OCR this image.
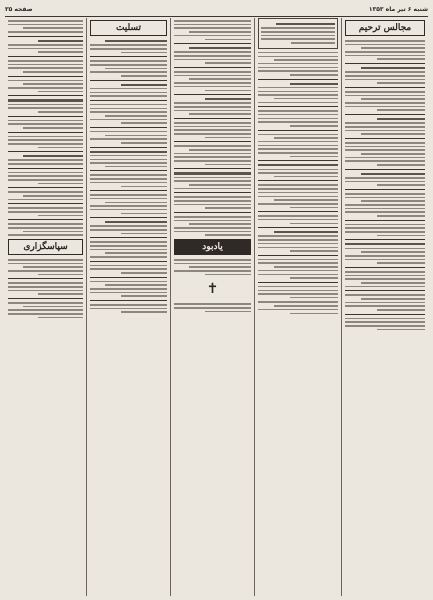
شنبه ۶ تیر ماه ۱۳۵۳
صفحه ۳۵
مجالس ترحیم
یادبود
✝
تسلیت
سپاسگزاری
